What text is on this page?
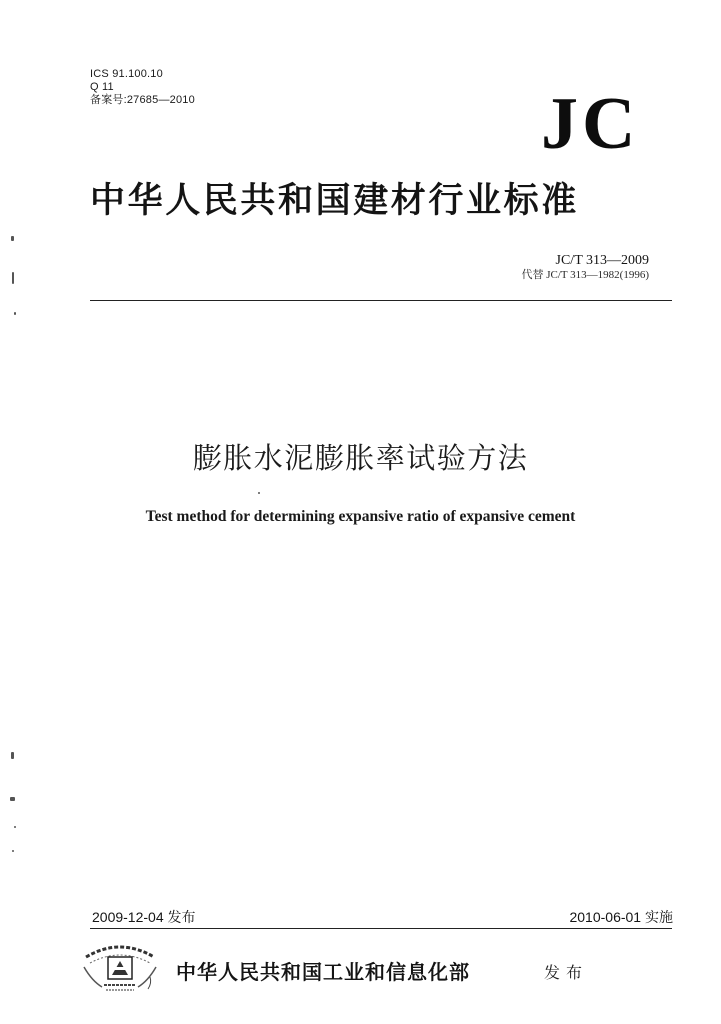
ICS 91.100.10
Q 11
备案号:27685—2010	JC
中华人民共和国建材行业标准
JC/T 313—2009
代替 JC/T 313—1982(1996)
膨胀水泥膨胀率试验方法
Test method for determining expansive ratio of expansive cement
2009-12-04 发布	2010-06-01 实施
中华人民共和国工业和信息化部	发布
